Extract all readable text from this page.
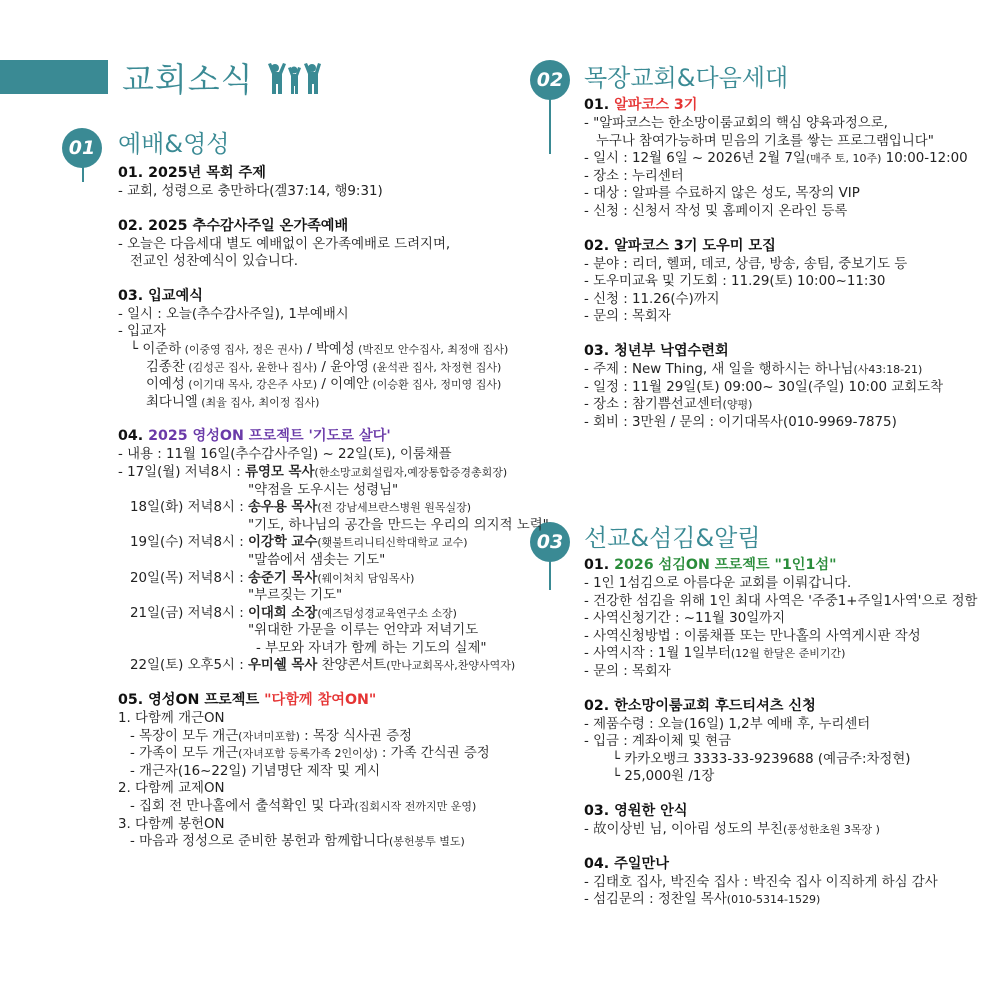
교회소식
01 예배&영성
02 목장교회&다음세대
03 선교&섬김&알림
01. 2025년 목회 주제
- 교회, 성령으로 충만하다(겔37:14, 행9:31)
02. 2025 추수감사주일 온가족예배
- 오늘은 다음세대 별도 예배없이 온가족예배로 드려지며,
전교인 성찬예식이 있습니다.
03. 입교예식
- 일시 : 오늘(추수감사주일), 1부예배시
- 입교자
└ 이준하 (이중영 집사, 정은 권사) / 박예성 (박진모 안수집사, 최정애 집사)
김종찬 (김성곤 집사, 윤한나 집사) / 윤아영 (윤석관 집사, 차정현 집사)
이예성 (이기대 목사, 강은주 사모) / 이예안 (이승환 집사, 정미영 집사)
최다니엘 (최율 집사, 최이정 집사)
04. 2025 영성ON 프로젝트 '기도로 살다'
- 내용 : 11월 16일(추수감사주일) ~ 22일(토), 이룸채플
- 17일(월) 저녁8시 : 류영모 목사(한소망교회설립자,예장통합증경총회장)
"약점을 도우시는 성령님"
18일(화) 저녁8시 : 송우용 목사(전 강남세브란스병원 원목실장)
"기도, 하나님의 공간을 만드는 우리의 의지적 노력"
19일(수) 저녁8시 : 이강학 교수(횃불트리니티신학대학교 교수)
"말씀에서 샘솟는 기도"
20일(목) 저녁8시 : 송준기 목사(웨이처치 담임목사)
"부르짖는 기도"
21일(금) 저녁8시 : 이대희 소장(예즈덤성경교육연구소 소장)
"위대한 가문을 이루는 언약과 저녁기도
- 부모와 자녀가 함께 하는 기도의 실제"
22일(토) 오후5시 : 우미쉘 목사 찬양콘서트(만나교회목사,찬양사역자)
05. 영성ON 프로젝트 "다함께 참여ON"
1. 다함께 개근ON
- 목장이 모두 개근(자녀미포함) : 목장 식사권 증정
- 가족이 모두 개근(자녀포함 등록가족 2인이상) : 가족 간식권 증정
- 개근자(16~22일) 기념명단 제작 및 게시
2. 다함께 교제ON
- 집회 전 만나홀에서 출석확인 및 다과(집회시작 전까지만 운영)
3. 다함께 봉헌ON
- 마음과 정성으로 준비한 봉헌과 함께합니다(봉헌봉투 별도)
01. 알파코스 3기
- "알파코스는 한소망이룸교회의 핵심 양육과정으로,
누구나 참여가능하며 믿음의 기초를 쌓는 프로그램입니다"
- 일시 : 12월 6일 ~ 2026년 2월 7일(매주 토, 10주) 10:00-12:00
- 장소 : 누리센터
- 대상 : 알파를 수료하지 않은 성도, 목장의 VIP
- 신청 : 신청서 작성 및 홈페이지 온라인 등록
02. 알파코스 3기 도우미 모집
- 분야 : 리더, 헬퍼, 데코, 상큼, 방송, 송팀, 중보기도 등
- 도우미교육 및 기도회 : 11.29(토) 10:00~11:30
- 신청 : 11.26(수)까지
- 문의 : 목회자
03. 청년부 낙엽수련회
- 주제 : New Thing, 새 일을 행하시는 하나님(사43:18-21)
- 일정 : 11월 29일(토) 09:00~ 30일(주일) 10:00 교회도착
- 장소 : 참기쁨선교센터(양평)
- 회비 : 3만원 / 문의 : 이기대목사(010-9969-7875)
01. 2026 섬김ON 프로젝트 "1인1섬"
- 1인 1섬김으로 아름다운 교회를 이뤄갑니다.
- 건강한 섬김을 위해 1인 최대 사역은 '주중1+주일1사역'으로 정함
- 사역신청기간 : ~11월 30일까지
- 사역신청방법 : 이룸채플 또는 만나홀의 사역게시판 작성
- 사역시작 : 1월 1일부터(12월 한달은 준비기간)
- 문의 : 목회자
02. 한소망이룸교회 후드티셔츠 신청
- 제품수령 : 오늘(16일) 1,2부 예배 후, 누리센터
- 입금 : 계좌이체 및 현금
└ 카카오뱅크 3333-33-9239688 (예금주:차정현)
└ 25,000원 /1장
03. 영원한 안식
- 故이상빈 님, 이아림 성도의 부친(풍성한초원 3목장 )
04. 주일만나
- 김태호 집사, 박진숙 집사 : 박진숙 집사 이직하게 하심 감사
- 섬김문의 : 정찬일 목사(010-5314-1529)
